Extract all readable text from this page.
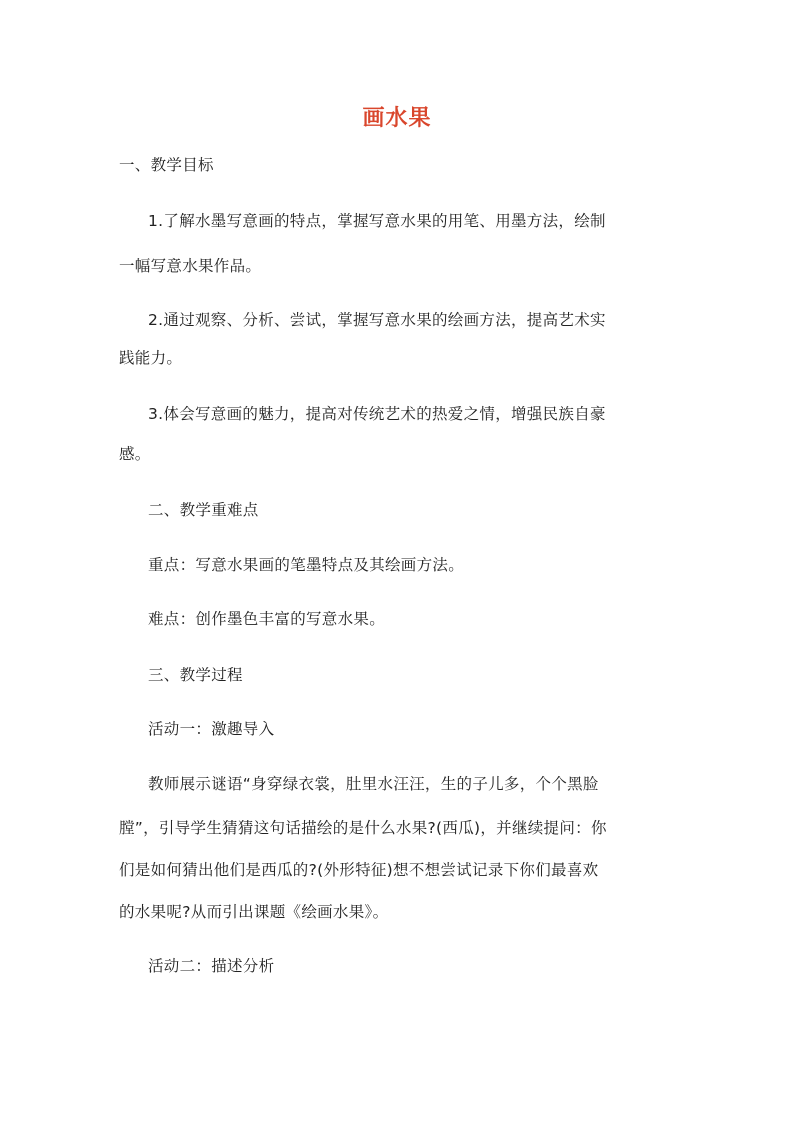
画水果
一、教学目标
1.了解水墨写意画的特点，掌握写意水果的用笔、用墨方法，绘制
一幅写意水果作品。
2.通过观察、分析、尝试，掌握写意水果的绘画方法，提高艺术实
践能力。
3.体会写意画的魅力，提高对传统艺术的热爱之情，增强民族自豪
感。
二、教学重难点
重点：写意水果画的笔墨特点及其绘画方法。
难点：创作墨色丰富的写意水果。
三、教学过程
活动一：激趣导入
教师展示谜语“身穿绿衣裳，肚里水汪汪，生的子儿多，个个黑脸
膛”，引导学生猜猜这句话描绘的是什么水果?(西瓜)，并继续提问：你
们是如何猜出他们是西瓜的?(外形特征)想不想尝试记录下你们最喜欢
的水果呢?从而引出课题《绘画水果》。
活动二：描述分析
